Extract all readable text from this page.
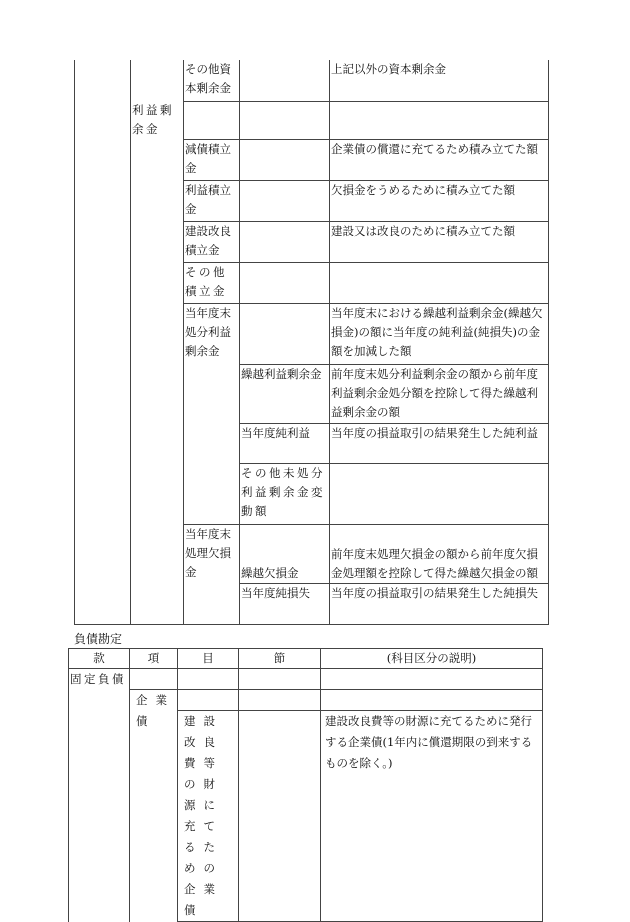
		その他資本剰余金		上記以外の資本剰余金
	利益剰余金			
		減債積立金		企業債の償還に充てるため積み立てた額
		利益積立金		欠損金をうめるために積み立てた額
		建設改良積立金		建設又は改良のために積み立てた額
		その他積立金		
		当年度末処分利益剰余金		当年度末における繰越利益剰余金(繰越欠損金)の額に当年度の純利益(純損失)の金額を加減した額
			繰越利益剰余金	前年度末処分利益剰余金の額から前年度利益剰余金処分額を控除して得た繰越利益剰余金の額
			当年度純利益	当年度の損益取引の結果発生した純利益
			その他未処分利益剰余金変動額	
		当年度末処理欠損金	繰越欠損金	前年度末処理欠損金の額から前年度欠損金処理額を控除して得た繰越欠損金の額
			当年度純損失	当年度の損益取引の結果発生した純損失
負債勘定
款	項	目	節	(科目区分の説明)
固定負債				
	企業債			
		建設改良費等の財源に充てるための企業債		建設改良費等の財源に充てるために発行する企業債(1年内に償還期限の到来するものを除く。)
